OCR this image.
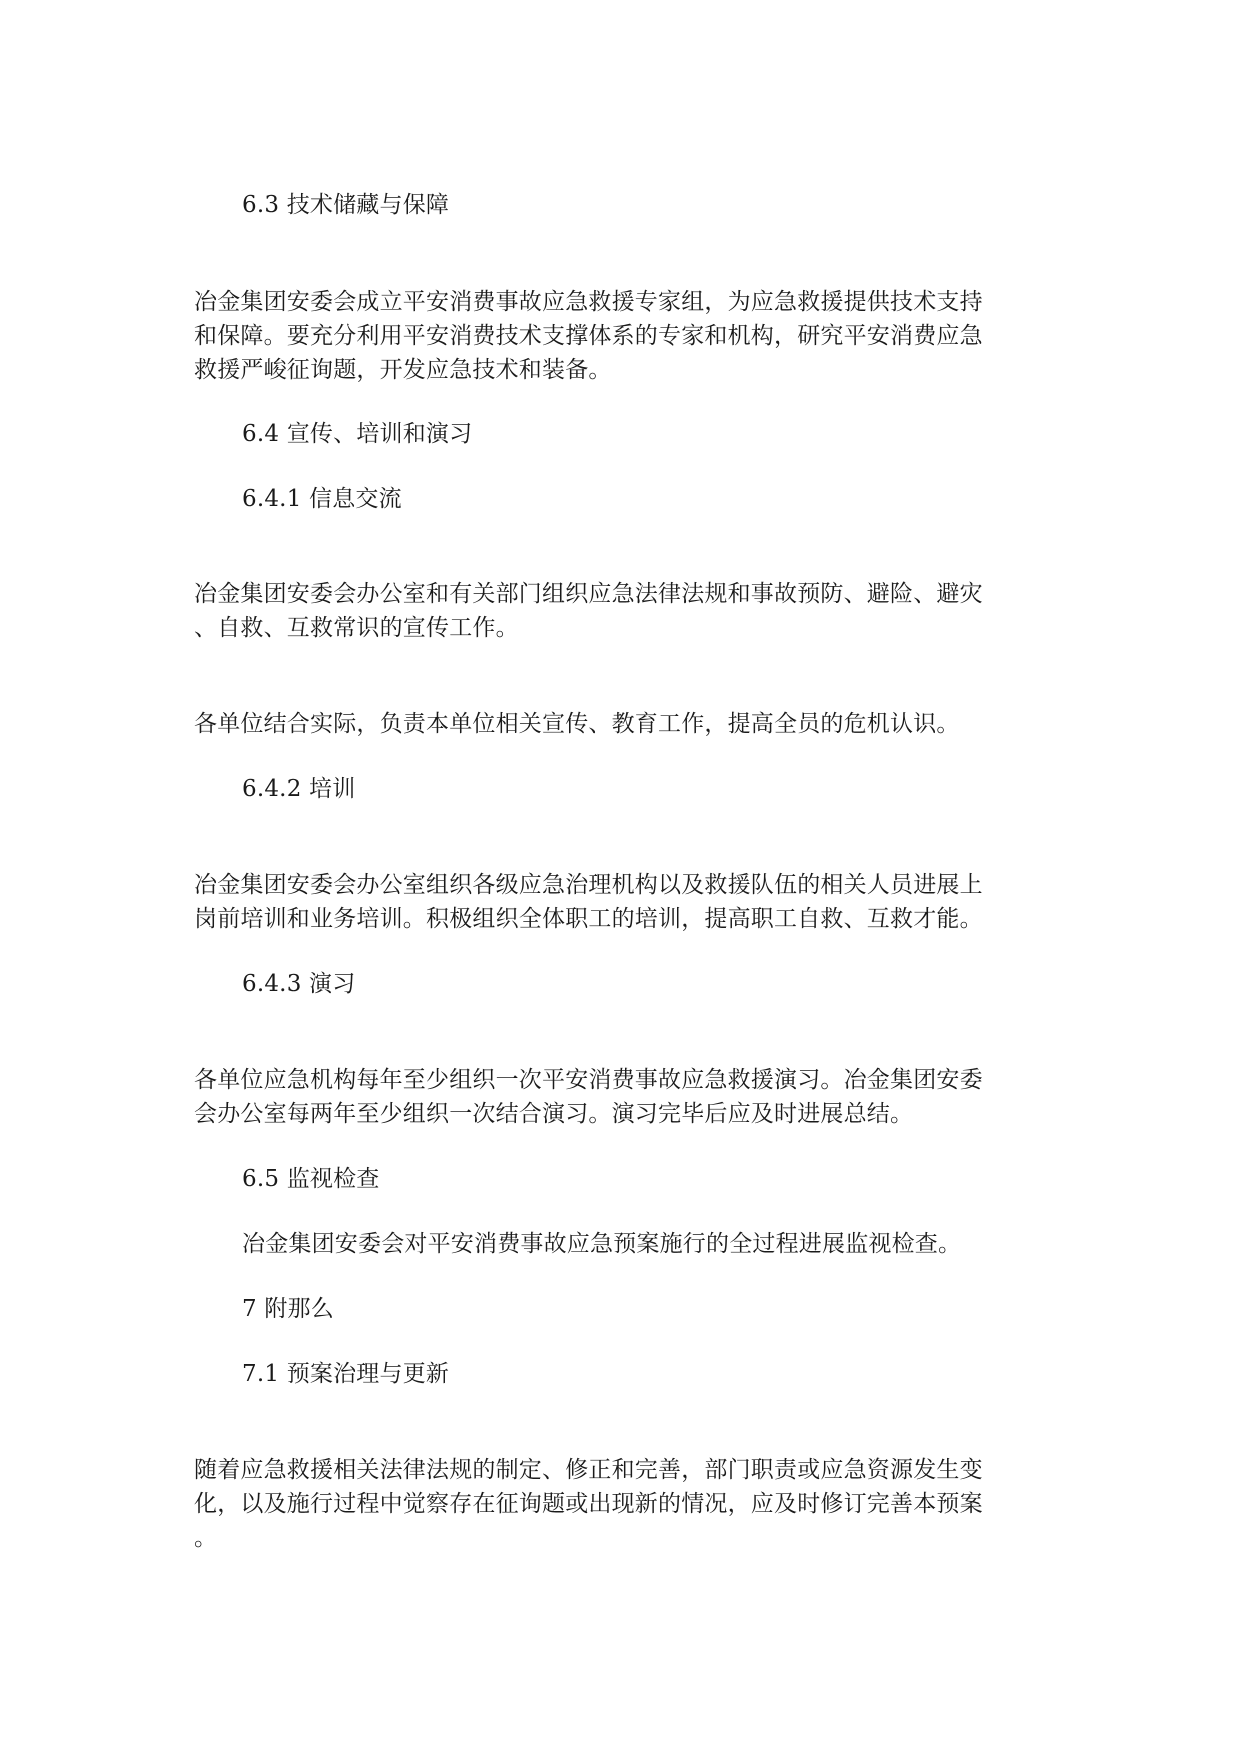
6.3 技术储藏与保障
冶金集团安委会成立平安消费事故应急救援专家组，为应急救援提供技术支持
和保障。要充分利用平安消费技术支撑体系的专家和机构，研究平安消费应急
救援严峻征询题，开发应急技术和装备。
6.4 宣传、培训和演习
6.4.1 信息交流
冶金集团安委会办公室和有关部门组织应急法律法规和事故预防、避险、避灾
、自救、互救常识的宣传工作。
各单位结合实际，负责本单位相关宣传、教育工作，提高全员的危机认识。
6.4.2 培训
冶金集团安委会办公室组织各级应急治理机构以及救援队伍的相关人员进展上
岗前培训和业务培训。积极组织全体职工的培训，提高职工自救、互救才能。
6.4.3 演习
各单位应急机构每年至少组织一次平安消费事故应急救援演习。冶金集团安委
会办公室每两年至少组织一次结合演习。演习完毕后应及时进展总结。
6.5 监视检查
冶金集团安委会对平安消费事故应急预案施行的全过程进展监视检查。
7 附那么
7.1 预案治理与更新
随着应急救援相关法律法规的制定、修正和完善，部门职责或应急资源发生变
化，以及施行过程中觉察存在征询题或出现新的情况，应及时修订完善本预案
。
